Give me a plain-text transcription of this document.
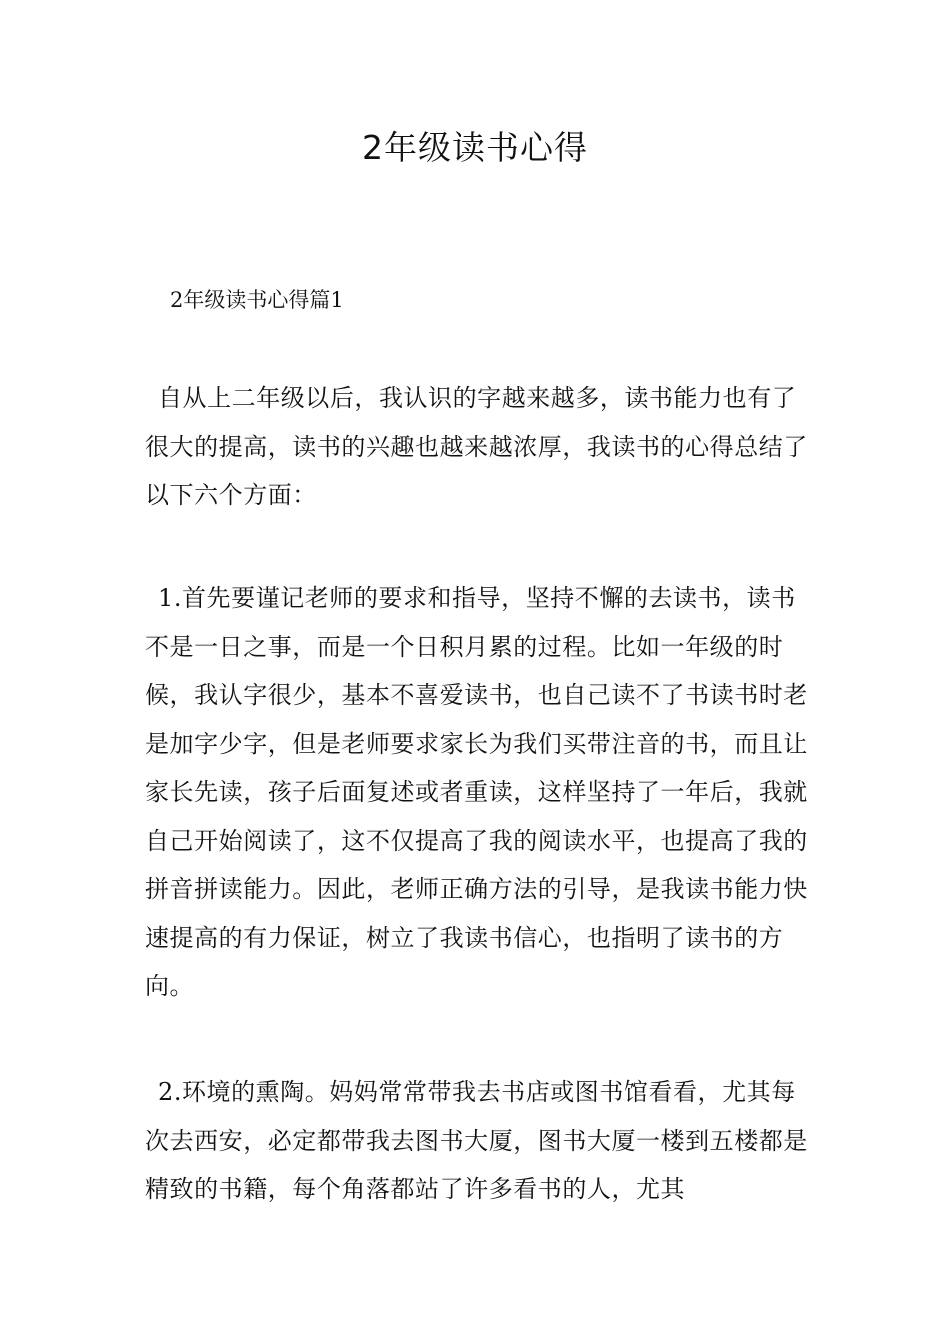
2年级读书心得
2年级读书心得篇1

自从上二年级以后，我认识的字越来越多，读书能力也有了很大的提高，读书的兴趣也越来越浓厚，我读书的心得总结了以下六个方面：

1.首先要谨记老师的要求和指导，坚持不懈的去读书，读书不是一日之事，而是一个日积月累的过程。比如一年级的时候，我认字很少，基本不喜爱读书，也自己读不了书读书时老是加字少字，但是老师要求家长为我们买带注音的书，而且让家长先读，孩子后面复述或者重读，这样坚持了一年后，我就自己开始阅读了，这不仅提高了我的阅读水平，也提高了我的拼音拼读能力。因此，老师正确方法的引导，是我读书能力快速提高的有力保证，树立了我读书信心，也指明了读书的方向。

2.环境的熏陶。妈妈常常带我去书店或图书馆看看，尤其每次去西安，必定都带我去图书大厦，图书大厦一楼到五楼都是精致的书籍，每个角落都站了许多看书的人，尤其
